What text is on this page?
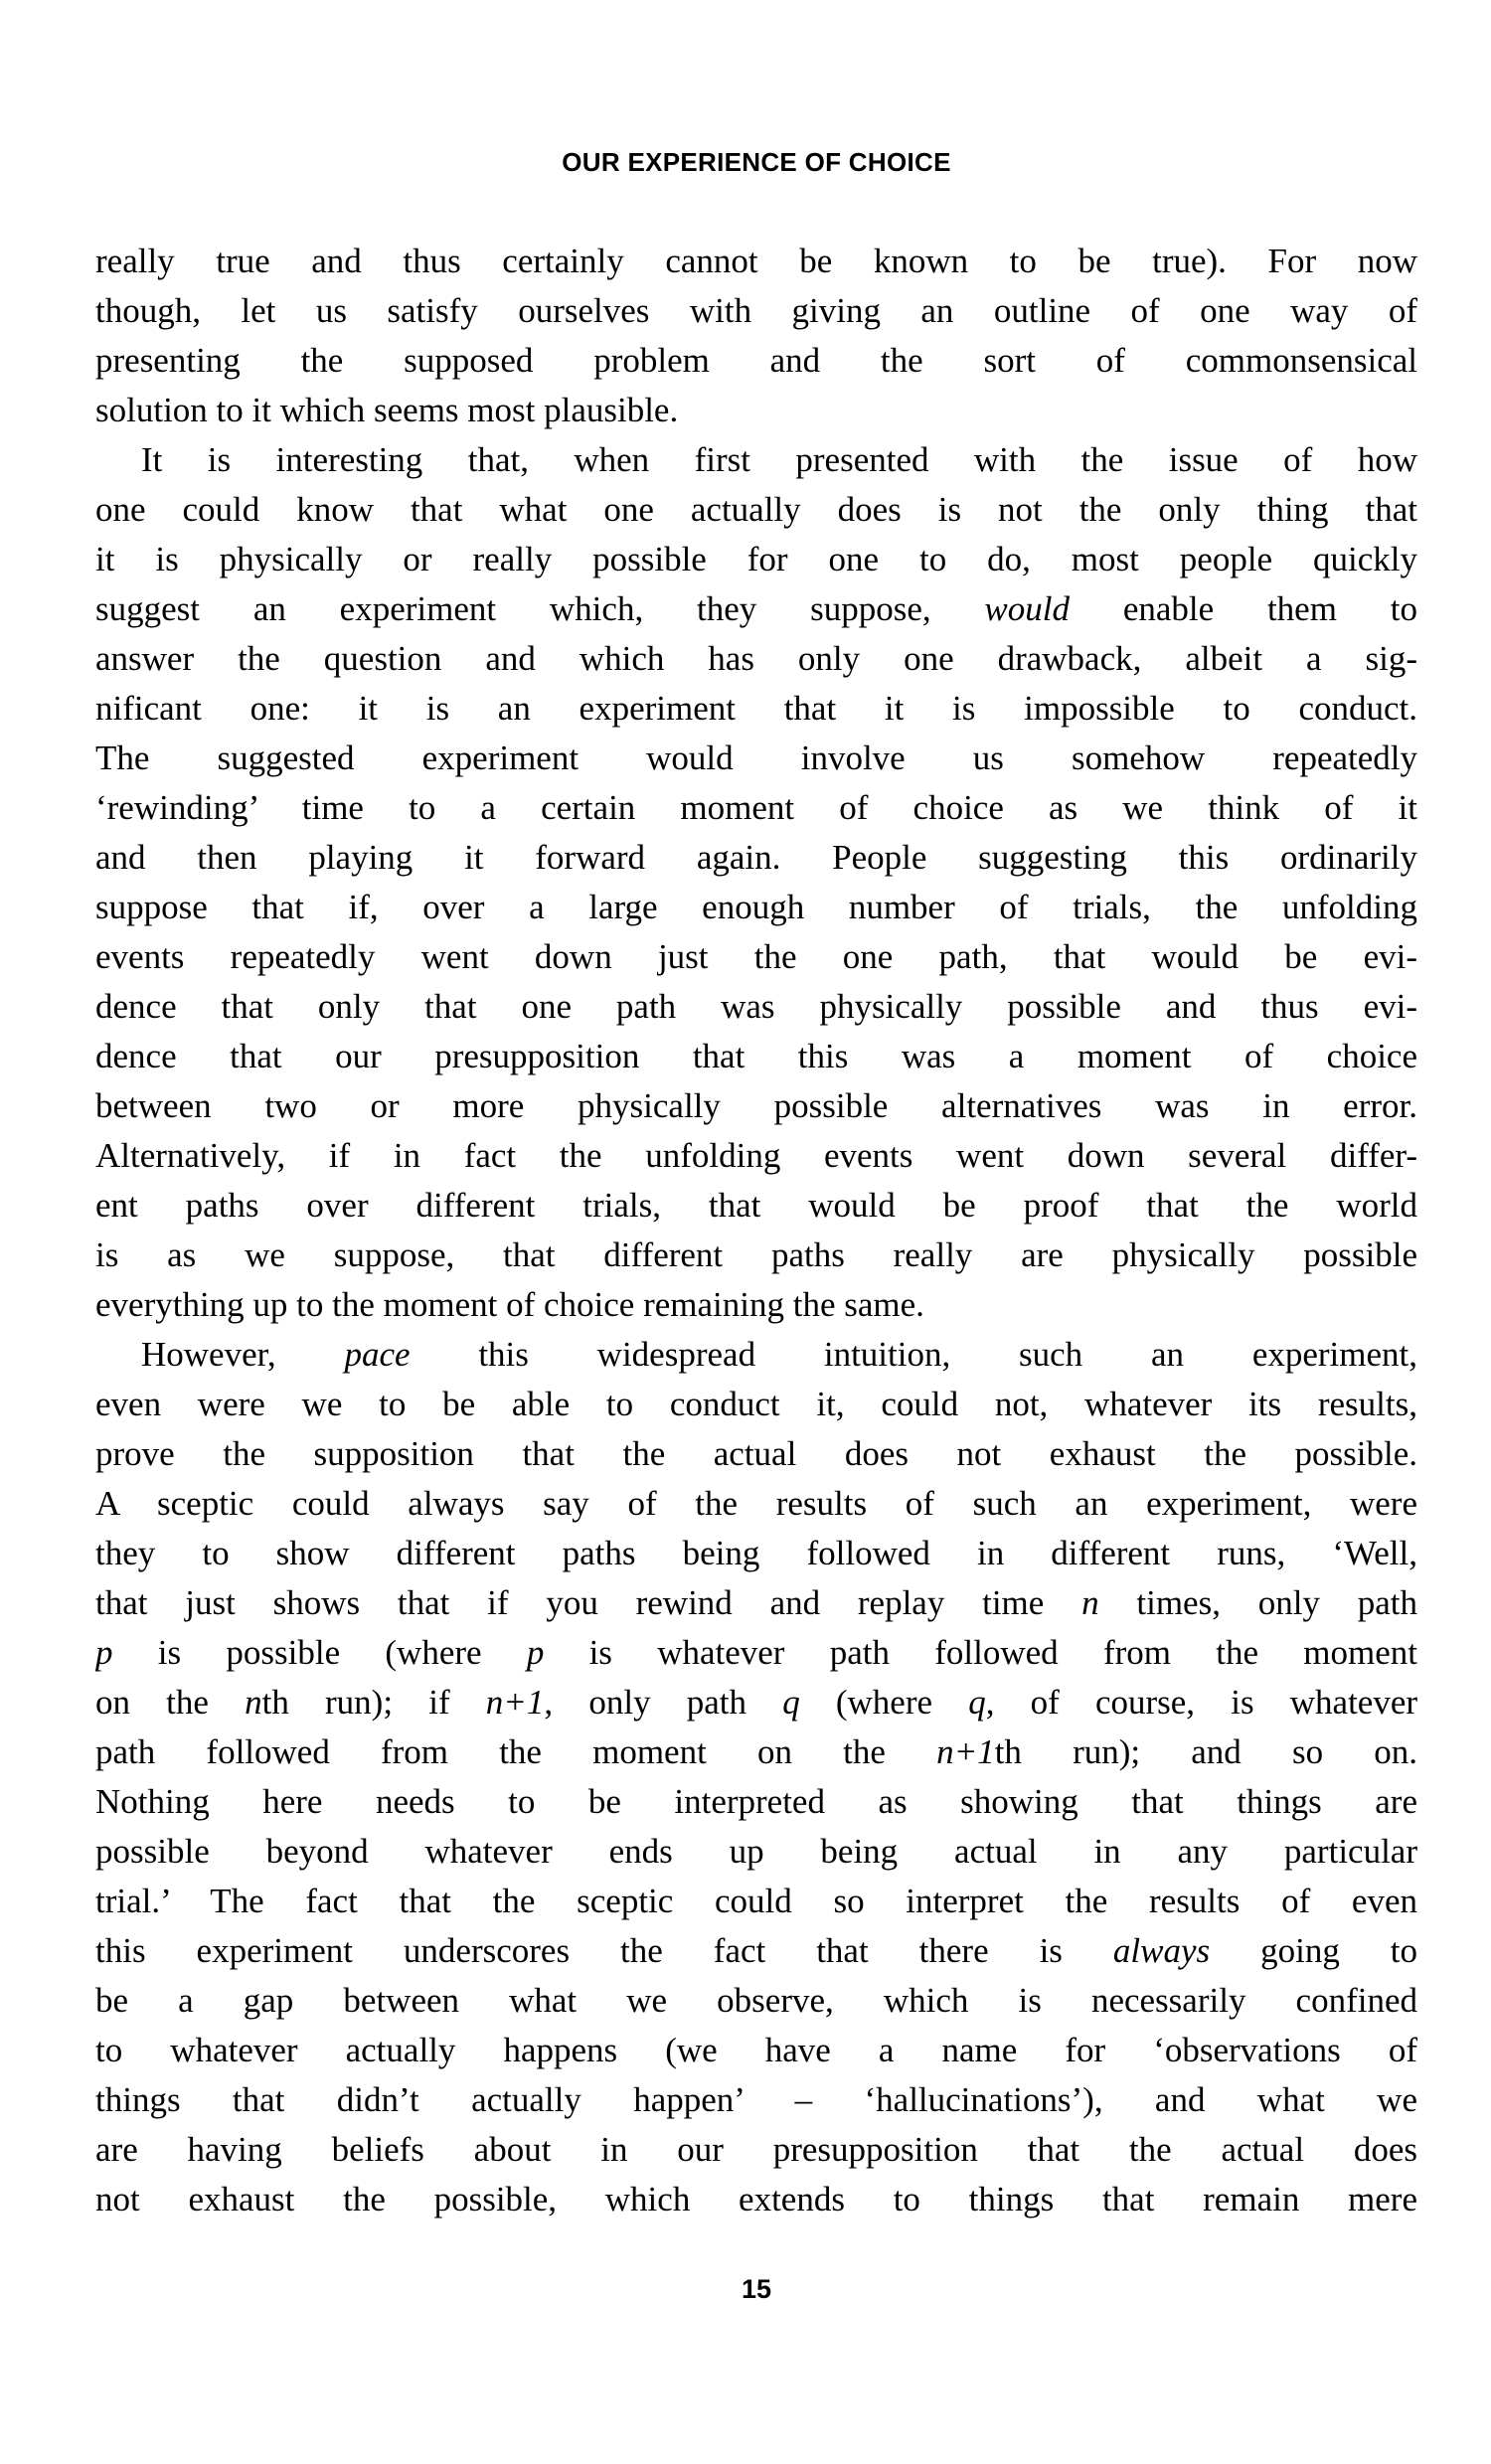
OUR EXPERIENCE OF CHOICE
really true and thus certainly cannot be known to be true). For now
though, let us satisfy ourselves with giving an outline of one way of
presenting the supposed problem and the sort of commonsensical
solution to it which seems most plausible.
It is interesting that, when first presented with the issue of how
one could know that what one actually does is not the only thing that
it is physically or really possible for one to do, most people quickly
suggest an experiment which, they suppose, would enable them to
answer the question and which has only one drawback, albeit a sig-
nificant one: it is an experiment that it is impossible to conduct.
The suggested experiment would involve us somehow repeatedly
‘rewinding’ time to a certain moment of choice as we think of it
and then playing it forward again. People suggesting this ordinarily
suppose that if, over a large enough number of trials, the unfolding
events repeatedly went down just the one path, that would be evi-
dence that only that one path was physically possible and thus evi-
dence that our presupposition that this was a moment of choice
between two or more physically possible alternatives was in error.
Alternatively, if in fact the unfolding events went down several differ-
ent paths over different trials, that would be proof that the world
is as we suppose, that different paths really are physically possible
everything up to the moment of choice remaining the same.
However, pace this widespread intuition, such an experiment,
even were we to be able to conduct it, could not, whatever its results,
prove the supposition that the actual does not exhaust the possible.
A sceptic could always say of the results of such an experiment, were
they to show different paths being followed in different runs, ‘Well,
that just shows that if you rewind and replay time n times, only path
p is possible (where p is whatever path followed from the moment
on the nth run); if n+1, only path q (where q, of course, is whatever
path followed from the moment on the n+1th run); and so on.
Nothing here needs to be interpreted as showing that things are
possible beyond whatever ends up being actual in any particular
trial.’ The fact that the sceptic could so interpret the results of even
this experiment underscores the fact that there is always going to
be a gap between what we observe, which is necessarily confined
to whatever actually happens (we have a name for ‘observations of
things that didn’t actually happen’ – ‘hallucinations’), and what we
are having beliefs about in our presupposition that the actual does
not exhaust the possible, which extends to things that remain mere
15
